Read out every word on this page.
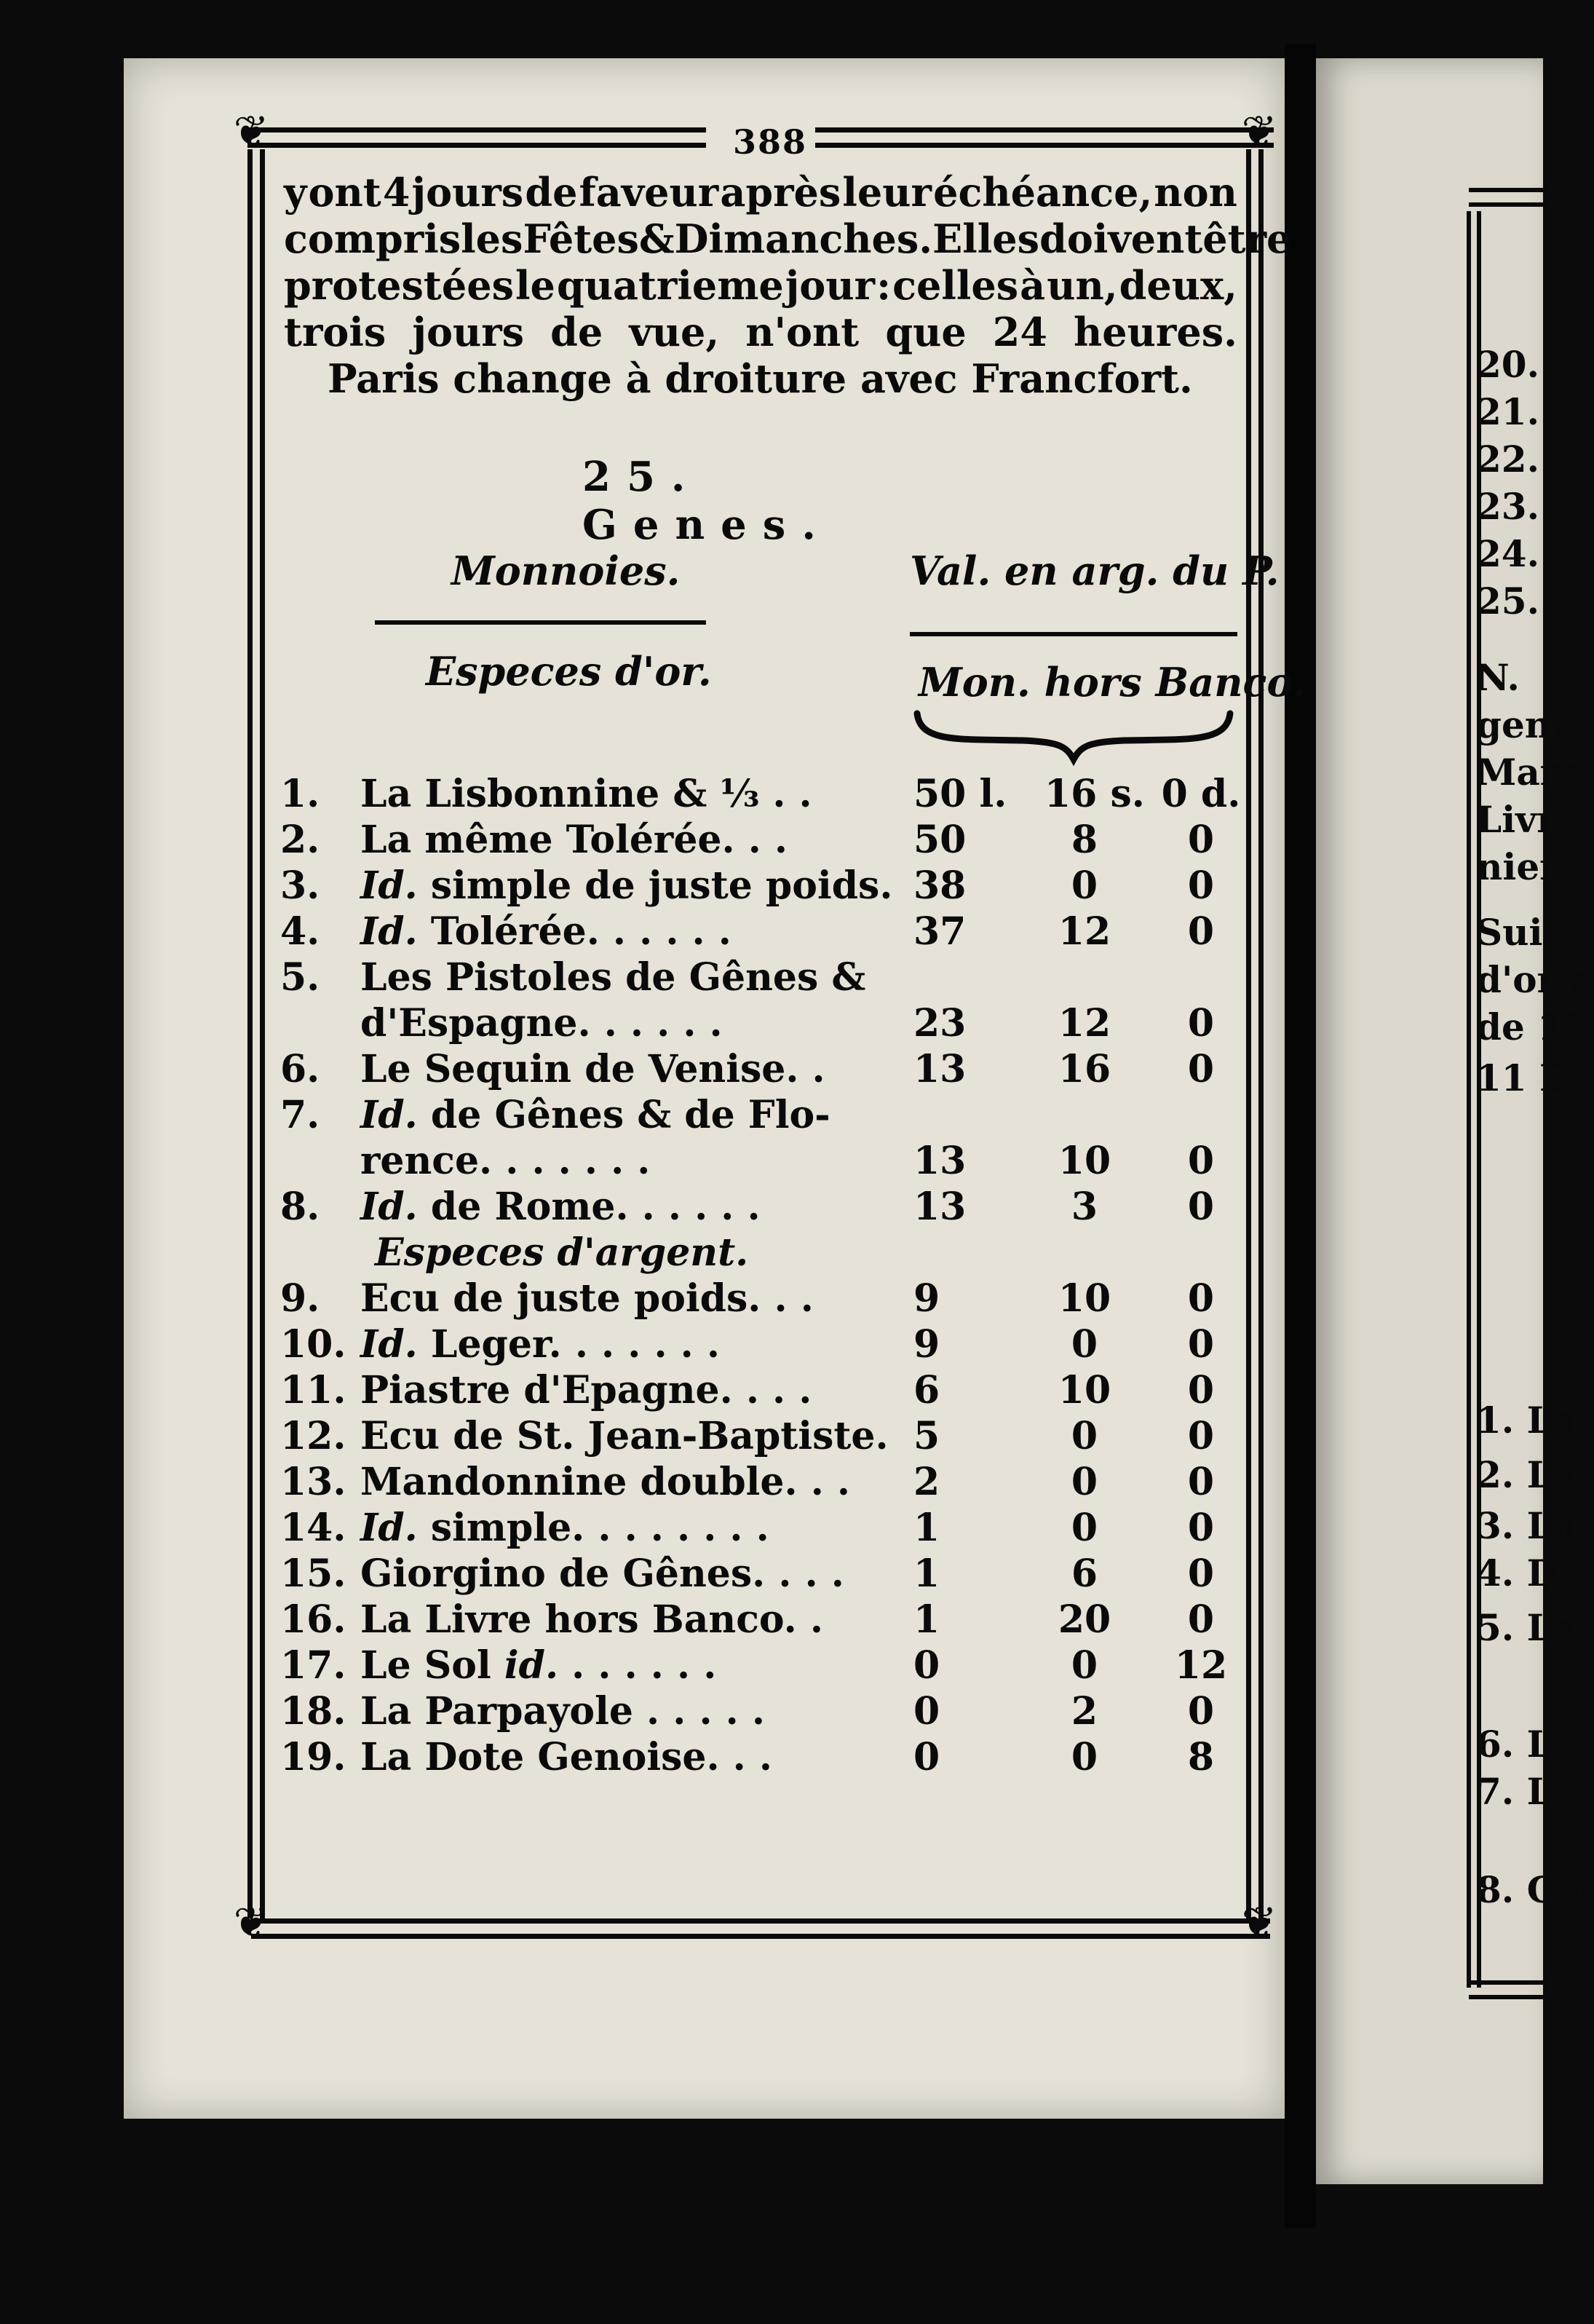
20.
21.
22.
23.
24.
25.
N.
gent
Marc
Livre
niers
Sui
d'or d
de 12
11 D
1. La
2. La
3. La
4. Di
5. La
6. Le
7. Le
8. Cel
❦	❦
❦	❦
388
y ont 4 jours de faveur après leur échéance, non
compris les Fêtes & Dimanches. Elles doivent être
protestées le quatrieme jour : celles à un, deux,
trois jours de vue, n'ont que 24 heures.
Paris change à droiture avec Francfort.
25. Genes.
Monnoies.	Val. en arg. du P.
Especes d'or.	Mon. hors Banco.
1.	La Lisbonnine & ⅓ . .	50 l. 16 s. 0 d.
2.	La même Tolérée. . .	50	8	0
3.	Id. simple de juste poids. 38	0	0
4.	Id. Tolérée. . . . . .	37	12	0
5.	Les Pistoles de Gênes &
d'Espagne. . . . . .	23	12	0
6.	Le Sequin de Venise. . 13	16	0
7.	Id. de Gênes & de Flo-
rence. . . . . . .	13	10	0
8.	Id. de Rome. . . . . .	13	3	0
Especes d'argent.
9.	Ecu de juste poids. . .	9	10	0
10. Id. Leger. . . . . . .	9	0	0
11. Piastre d'Epagne. . . .	6	10	0
12. Ecu de St. Jean-Baptiste. 5	0	0
13. Mandonnine double. . . 2	0	0
14. Id. simple. . . . . . . .	1	0	0
15. Giorgino de Gênes. . . . 1	6	0
16. La Livre hors Banco. . 1	20	0
17. Le Sol id. . . . . . .	0	0	12
18. La Parpayole . . . . .	0	2	0
19. La Dote Genoise. . .	0	0	8
